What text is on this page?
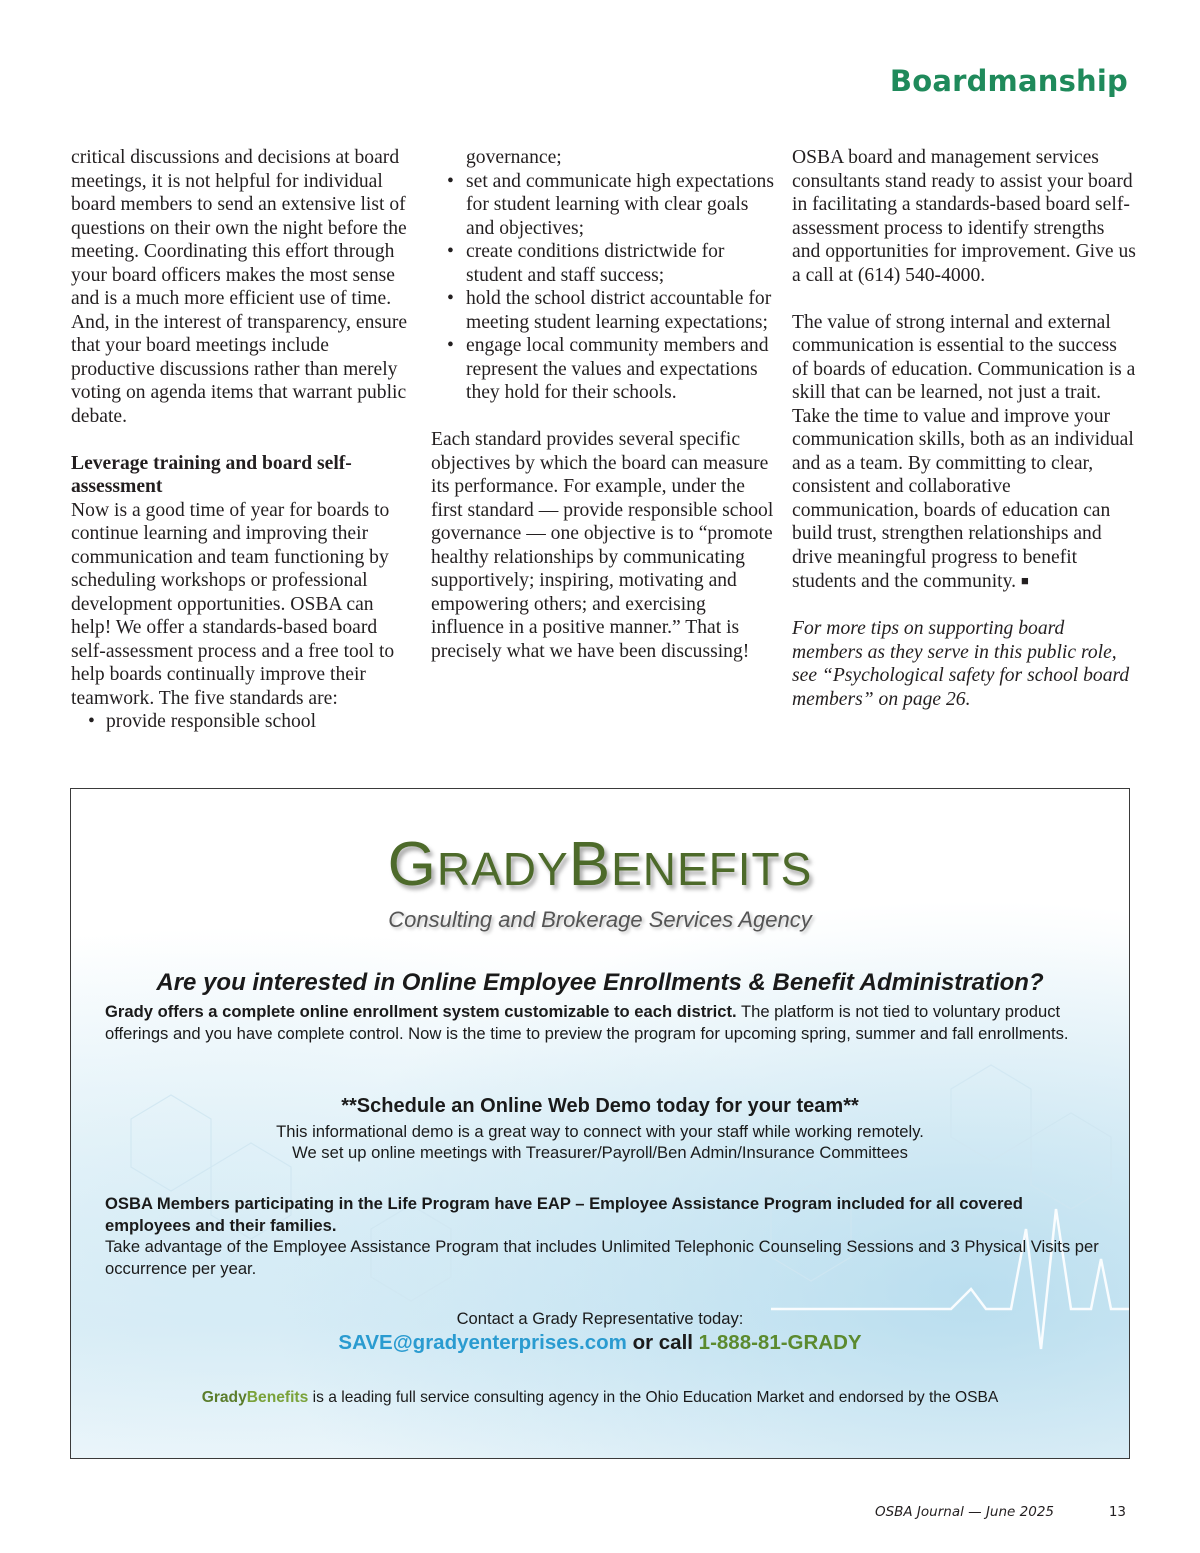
Boardmanship

critical discussions and decisions at board meetings, it is not helpful for individual board members to send an extensive list of questions on their own the night before the meeting. Coordinating this effort through your board officers makes the most sense and is a much more efficient use of time. And, in the interest of transparency, ensure that your board meetings include productive discussions rather than merely voting on agenda items that warrant public debate.

Leverage training and board self-assessment

Now is a good time of year for boards to continue learning and improving their communication and team functioning by scheduling workshops or professional development opportunities. OSBA can help! We offer a standards-based board self-assessment process and a free tool to help boards continually improve their teamwork. The five standards are:

• provide responsible school

governance;

• set and communicate high expectations for student learning with clear goals and objectives;
• create conditions districtwide for student and staff success;
• hold the school district accountable for meeting student learning expectations;
• engage local community members and represent the values and expectations they hold for their schools.

Each standard provides several specific objectives by which the board can measure its performance. For example, under the first standard — provide responsible school governance — one objective is to “promote healthy relationships by communicating supportively; inspiring, motivating and empowering others; and exercising influence in a positive manner.” That is precisely what we have been discussing!

OSBA board and management services consultants stand ready to assist your board in facilitating a standards-based board self-assessment process to identify strengths and opportunities for improvement. Give us a call at (614) 540-4000.

The value of strong internal and external communication is essential to the success of boards of education. Communication is a skill that can be learned, not just a trait. Take the time to value and improve your communication skills, both as an individual and as a team. By committing to clear, consistent and collaborative communication, boards of education can build trust, strengthen relationships and drive meaningful progress to benefit students and the community. ■

For more tips on supporting board members as they serve in this public role, see “Psychological safety for school board members” on page 26.

GRADYBENEFITS
Consulting and Brokerage Services Agency
Are you interested in Online Employee Enrollments & Benefit Administration?
Grady offers a complete online enrollment system customizable to each district. The platform is not tied to voluntary product offerings and you have complete control. Now is the time to preview the program for upcoming spring, summer and fall enrollments.
**Schedule an Online Web Demo today for your team**
This informational demo is a great way to connect with your staff while working remotely.
We set up online meetings with Treasurer/Payroll/Ben Admin/Insurance Committees
OSBA Members participating in the Life Program have EAP – Employee Assistance Program included for all covered employees and their families.
Take advantage of the Employee Assistance Program that includes Unlimited Telephonic Counseling Sessions and 3 Physical Visits per occurrence per year.
Contact a Grady Representative today:
SAVE@gradyenterprises.com or call 1-888-81-GRADY
GradyBenefits is a leading full service consulting agency in the Ohio Education Market and endorsed by the OSBA
OSBA Journal — June 2025	13
